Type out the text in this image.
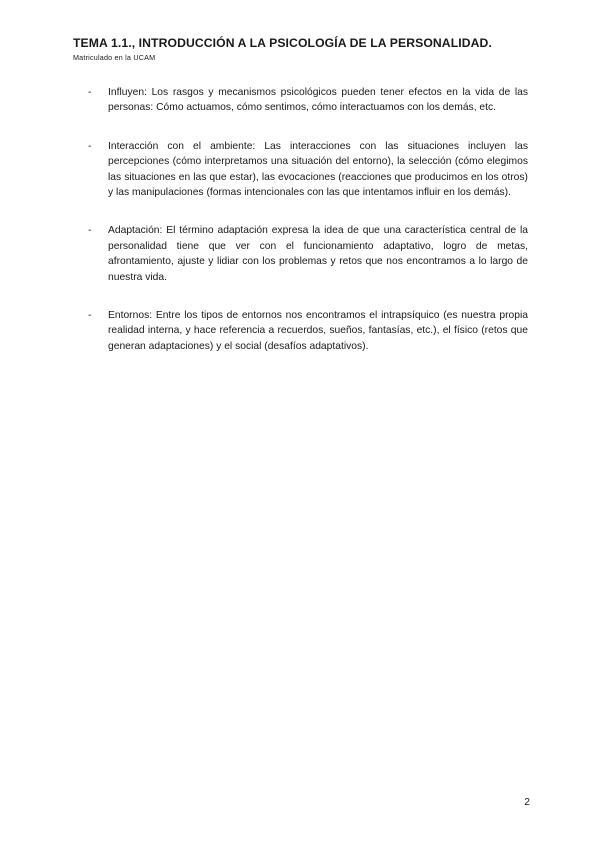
TEMA 1.1., INTRODUCCIÓN A LA PSICOLOGÍA DE LA PERSONALIDAD.

Matriculado en la UCAM

-	Influyen: Los rasgos y mecanismos psicológicos pueden tener efectos en la vida de las personas: Cómo actuamos, cómo sentimos, cómo interactuamos con los demás, etc.

-	Interacción con el ambiente: Las interacciones con las situaciones incluyen las percepciones (cómo interpretamos una situación del entorno), la selección (cómo elegimos las situaciones en las que estar), las evocaciones (reacciones que producimos en los otros) y las manipulaciones (formas intencionales con las que intentamos influir en los demás).

-	Adaptación: El término adaptación expresa la idea de que una característica central de la personalidad tiene que ver con el funcionamiento adaptativo, logro de metas, afrontamiento, ajuste y lidiar con los problemas y retos que nos encontramos a lo largo de nuestra vida.

-	Entornos: Entre los tipos de entornos nos encontramos el intrapsíquico (es nuestra propia realidad interna, y hace referencia a recuerdos, sueños, fantasías, etc.), el físico (retos que generan adaptaciones) y el social (desafíos adaptativos).

2
